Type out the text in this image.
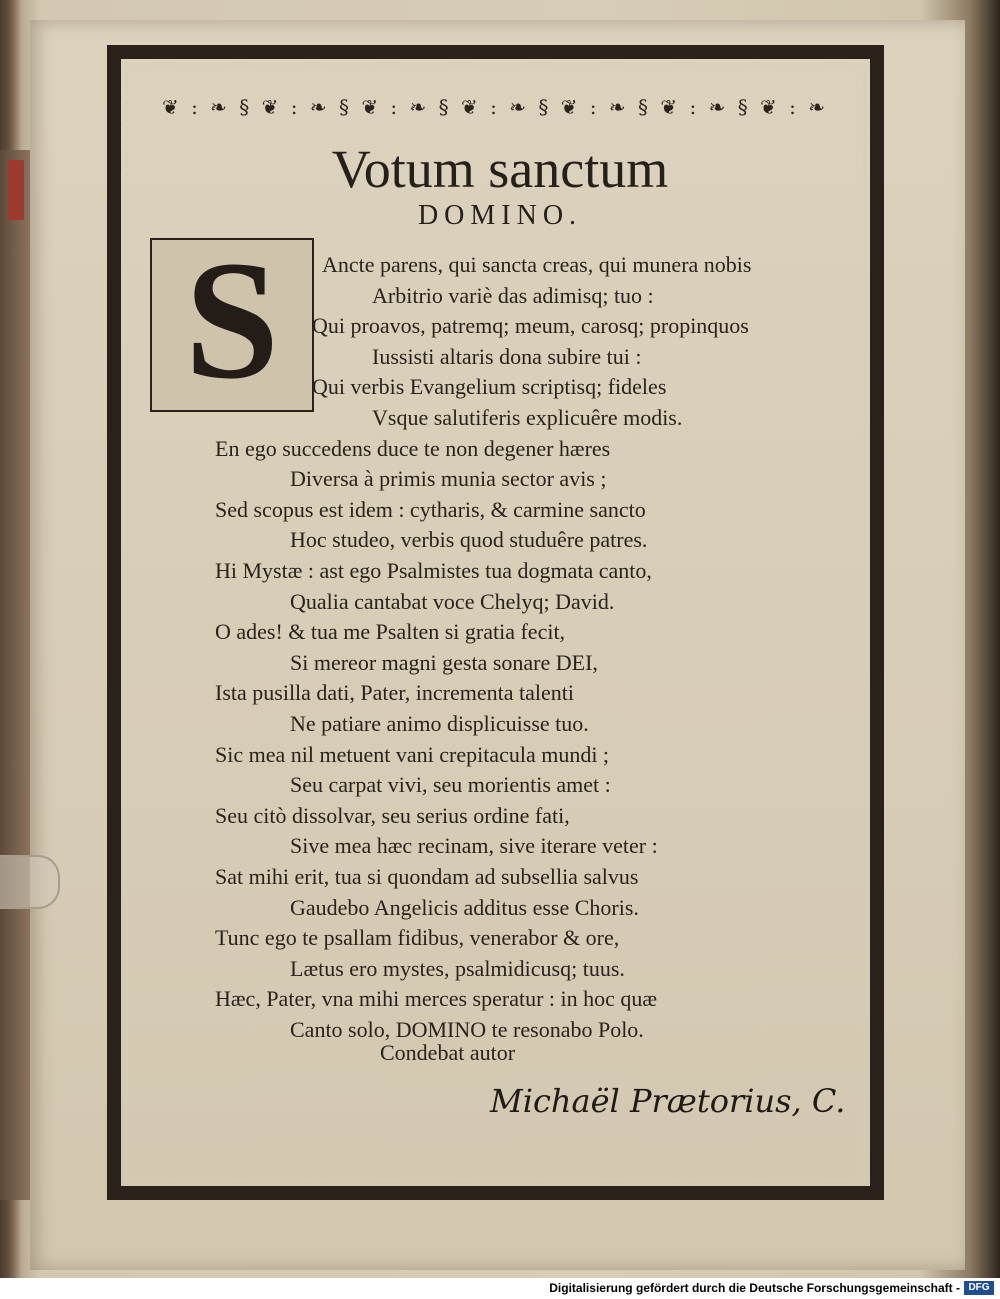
❦ : ❧ § ❦ : ❧ § ❦ : ❧ § ❦ : ❧ § ❦ : ❧ § ❦ : ❧ § ❦ : ❧
Votum sanctum
DOMINO.
S	Ancte parens, qui sancta creas, qui munera nobis
Arbitrio variè das adimisq; tuo :
Qui proavos, patremq; meum, carosq; propinquos
Iussisti altaris dona subire tui :
Qui verbis Evangelium scriptisq; fideles
Vsque salutiferis explicuêre modis.
En ego succedens duce te non degener hæres
Diversa à primis munia sector avis ;
Sed scopus est idem : cytharis, & carmine sancto
Hoc studeo, verbis quod studuêre patres.
Hi Mystæ : ast ego Psalmistes tua dogmata canto,
Qualia cantabat voce Chelyq; David.
O ades! & tua me Psalten si gratia fecit,
Si mereor magni gesta sonare DEI,
Ista pusilla dati, Pater, incrementa talenti
Ne patiare animo displicuisse tuo.
Sic mea nil metuent vani crepitacula mundi ;
Seu carpat vivi, seu morientis amet :
Seu citò dissolvar, seu serius ordine fati,
Sive mea hæc recinam, sive iterare veter :
Sat mihi erit, tua si quondam ad subsellia salvus
Gaudebo Angelicis additus esse Choris.
Tunc ego te psallam fidibus, venerabor & ore,
Lætus ero mystes, psalmidicusq; tuus.
Hæc, Pater, vna mihi merces speratur : in hoc quæ
Canto solo, DOMINO te resonabo Polo.
Condebat autor
Michaël Prætorius, C.
Digitalisierung gefördert durch die Deutsche Forschungsgemeinschaft - DFG
